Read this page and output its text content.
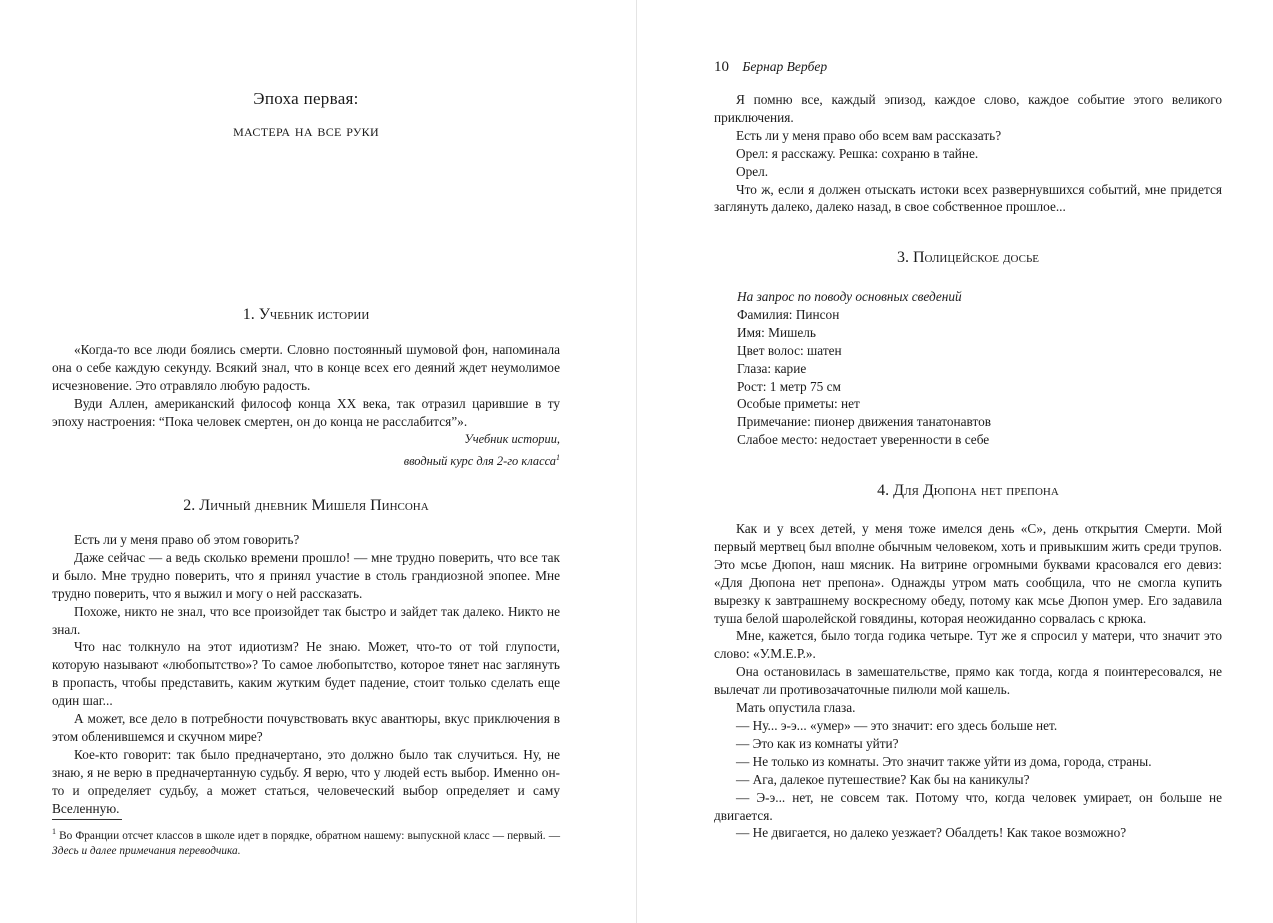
Эпоха первая:
мастера на все руки
1. Учебник истории

«Когда-то все люди боялись смерти. Словно постоянный шумовой фон, напоминала она о себе каждую секунду. Всякий знал, что в конце всех его деяний ждет неумолимое исчезновение. Это отравляло любую радость.

Вуди Аллен, американский философ конца XX века, так отразил царившие в ту эпоху настроения: “Пока человек смертен, он до конца не расслабится”».

Учебник истории,
вводный курс для 2-го класса$^1$
2. Личный дневник Мишеля Пинсона

Есть ли у меня право об этом говорить?

Даже сейчас — а ведь сколько времени прошло! — мне трудно поверить, что все так и было. Мне трудно поверить, что я принял участие в столь грандиозной эпопее. Мне трудно поверить, что я выжил и могу о ней рассказать.

Похоже, никто не знал, что все произойдет так быстро и зайдет так далеко. Никто не знал.

Что нас толкнуло на этот идиотизм? Не знаю. Может, что-то от той глупости, которую называют «любопытство»? То самое любопытство, которое тянет нас заглянуть в пропасть, чтобы представить, каким жутким будет падение, стоит только сделать еще один шаг...

А может, все дело в потребности почувствовать вкус авантюры, вкус приключения в этом обленившемся и скучном мире?

Кое-кто говорит: так было предначертано, это должно было так случиться. Ну, не знаю, я не верю в предначертанную судьбу. Я верю, что у людей есть выбор. Именно он-то и определяет судьбу, а может статься, человеческий выбор определяет и саму Вселенную.

$^1$ Во Франции отсчет классов в школе идет в порядке, обратном нашему: выпускной класс — первый. — Здесь и далее примечания переводчика.
10 Бернар Вербер

Я помню все, каждый эпизод, каждое слово, каждое событие этого великого приключения.

Есть ли у меня право обо всем вам рассказать?

Орел: я расскажу. Решка: сохраню в тайне.

Орел.

Что ж, если я должен отыскать истоки всех развернувшихся событий, мне придется заглянуть далеко, далеко назад, в свое собственное прошлое...

3. Полицейское досье
На запрос по поводу основных сведений
Фамилия: Пинсон
Имя: Мишель
Цвет волос: шатен
Глаза: карие
Рост: 1 метр 75 см
Особые приметы: нет
Примечание: пионер движения танатонавтов
Слабое место: недостает уверенности в себе
4. Для Дюпона нет препона

Как и у всех детей, у меня тоже имелся день «С», день открытия Смерти. Мой первый мертвец был вполне обычным человеком, хоть и привыкшим жить среди трупов. Это мсье Дюпон, наш мясник. На витрине огромными буквами красовался его девиз: «Для Дюпона нет препона». Однажды утром мать сообщила, что не смогла купить вырезку к завтрашнему воскресному обеду, потому как мсье Дюпон умер. Его задавила туша белой шаролейской говядины, которая неожиданно сорвалась с крюка.

Мне, кажется, было тогда годика четыре. Тут же я спросил у матери, что значит это слово: «У.М.Е.Р.».

Она остановилась в замешательстве, прямо как тогда, когда я поинтересовался, не вылечат ли противозачаточные пилюли мой кашель.

Мать опустила глаза.

— Ну... э-э... «умер» — это значит: его здесь больше нет.

— Это как из комнаты уйти?

— Не только из комнаты. Это значит также уйти из дома, города, страны.

— Ага, далекое путешествие? Как бы на каникулы?

— Э-э... нет, не совсем так. Потому что, когда человек умирает, он больше не двигается.

— Не двигается, но далеко уезжает? Обалдеть! Как такое возможно?
